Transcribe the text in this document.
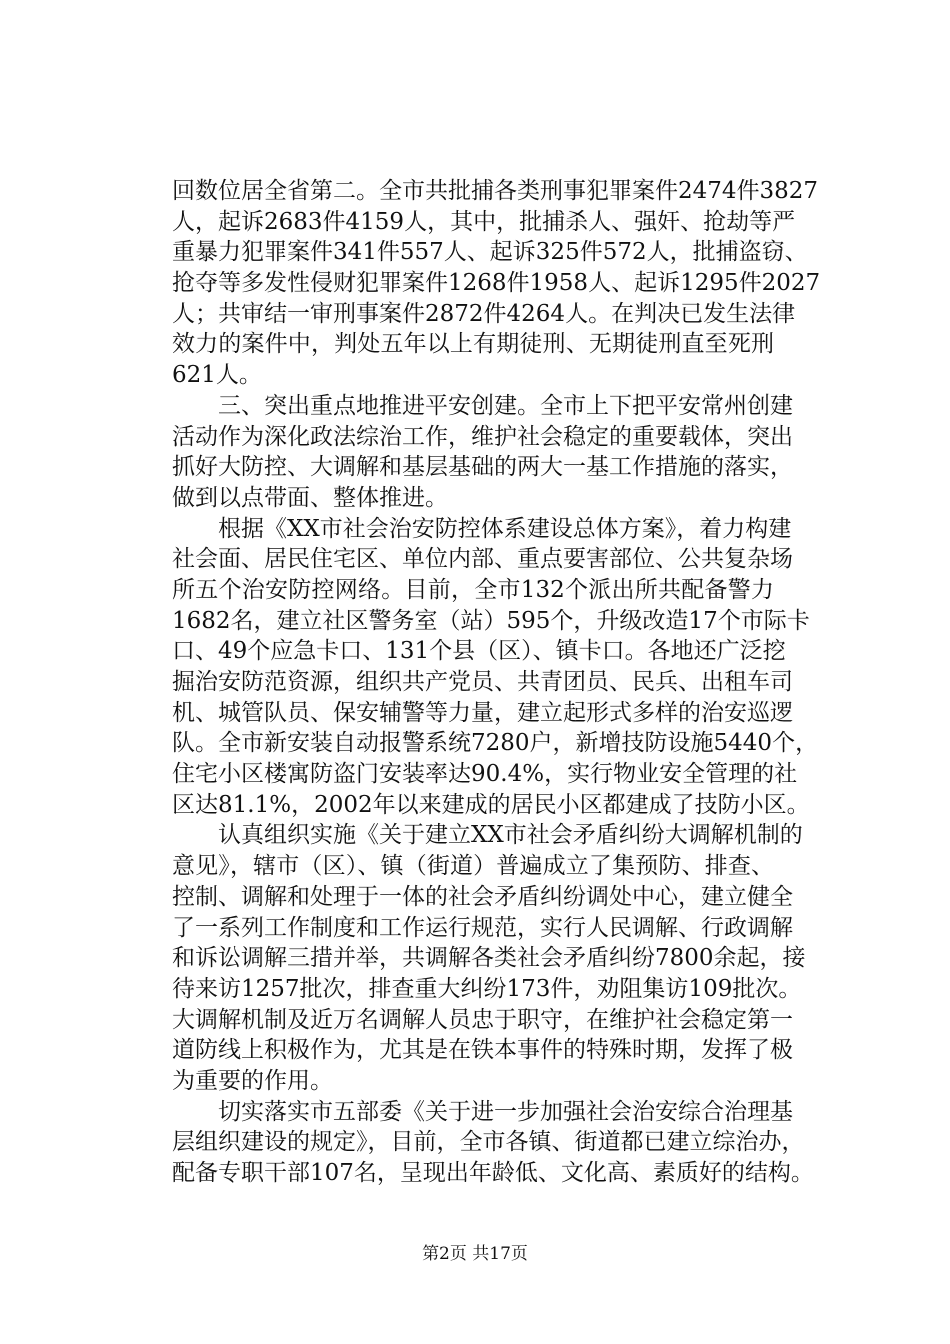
回数位居全省第二。全市共批捕各类刑事犯罪案件2474件3827
人，起诉2683件4159人，其中，批捕杀人、强奸、抢劫等严
重暴力犯罪案件341件557人、起诉325件572人，批捕盗窃、
抢夺等多发性侵财犯罪案件1268件1958人、起诉1295件2027
人；共审结一审刑事案件2872件4264人。在判决已发生法律
效力的案件中，判处五年以上有期徒刑、无期徒刑直至死刑
621人。
三、突出重点地推进平安创建。全市上下把平安常州创建
活动作为深化政法综治工作，维护社会稳定的重要载体，突出
抓好大防控、大调解和基层基础的两大一基工作措施的落实，
做到以点带面、整体推进。
根据《XX市社会治安防控体系建设总体方案》，着力构建
社会面、居民住宅区、单位内部、重点要害部位、公共复杂场
所五个治安防控网络。目前，全市132个派出所共配备警力
1682名，建立社区警务室（站）595个，升级改造17个市际卡
口、49个应急卡口、131个县（区）、镇卡口。各地还广泛挖
掘治安防范资源，组织共产党员、共青团员、民兵、出租车司
机、城管队员、保安辅警等力量，建立起形式多样的治安巡逻
队。全市新安装自动报警系统7280户，新增技防设施5440个，
住宅小区楼寓防盗门安装率达90.4%，实行物业安全管理的社
区达81.1%，2002年以来建成的居民小区都建成了技防小区。
认真组织实施《关于建立XX市社会矛盾纠纷大调解机制的
意见》，辖市（区）、镇（街道）普遍成立了集预防、排查、
控制、调解和处理于一体的社会矛盾纠纷调处中心，建立健全
了一系列工作制度和工作运行规范，实行人民调解、行政调解
和诉讼调解三措并举，共调解各类社会矛盾纠纷7800余起，接
待来访1257批次，排查重大纠纷173件，劝阻集访109批次。
大调解机制及近万名调解人员忠于职守，在维护社会稳定第一
道防线上积极作为，尤其是在铁本事件的特殊时期，发挥了极
为重要的作用。
切实落实市五部委《关于进一步加强社会治安综合治理基
层组织建设的规定》，目前，全市各镇、街道都已建立综治办，
配备专职干部107名，呈现出年龄低、文化高、素质好的结构。
第2页 共17页
